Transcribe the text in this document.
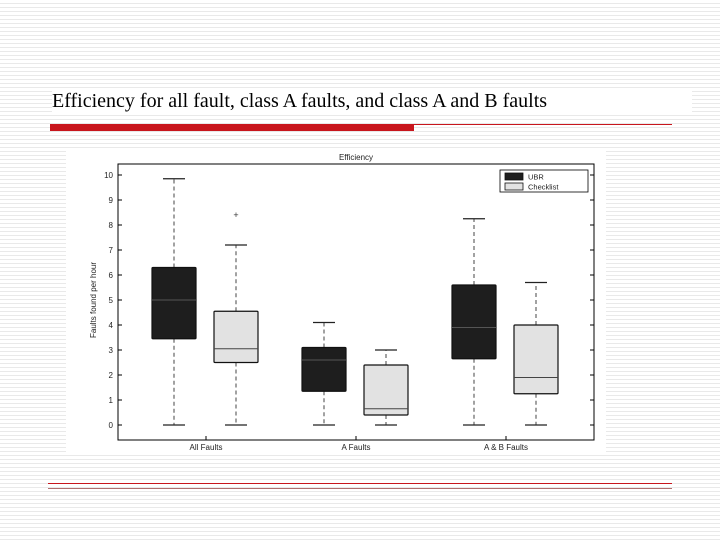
Efficiency for all fault, class A faults, and class A and B faults
Efficiency
0
1
2
3
4
5
6
7
8
9
10
Faults found per hour
All Faults	A Faults	A & B Faults
+
UBR
Checklist
